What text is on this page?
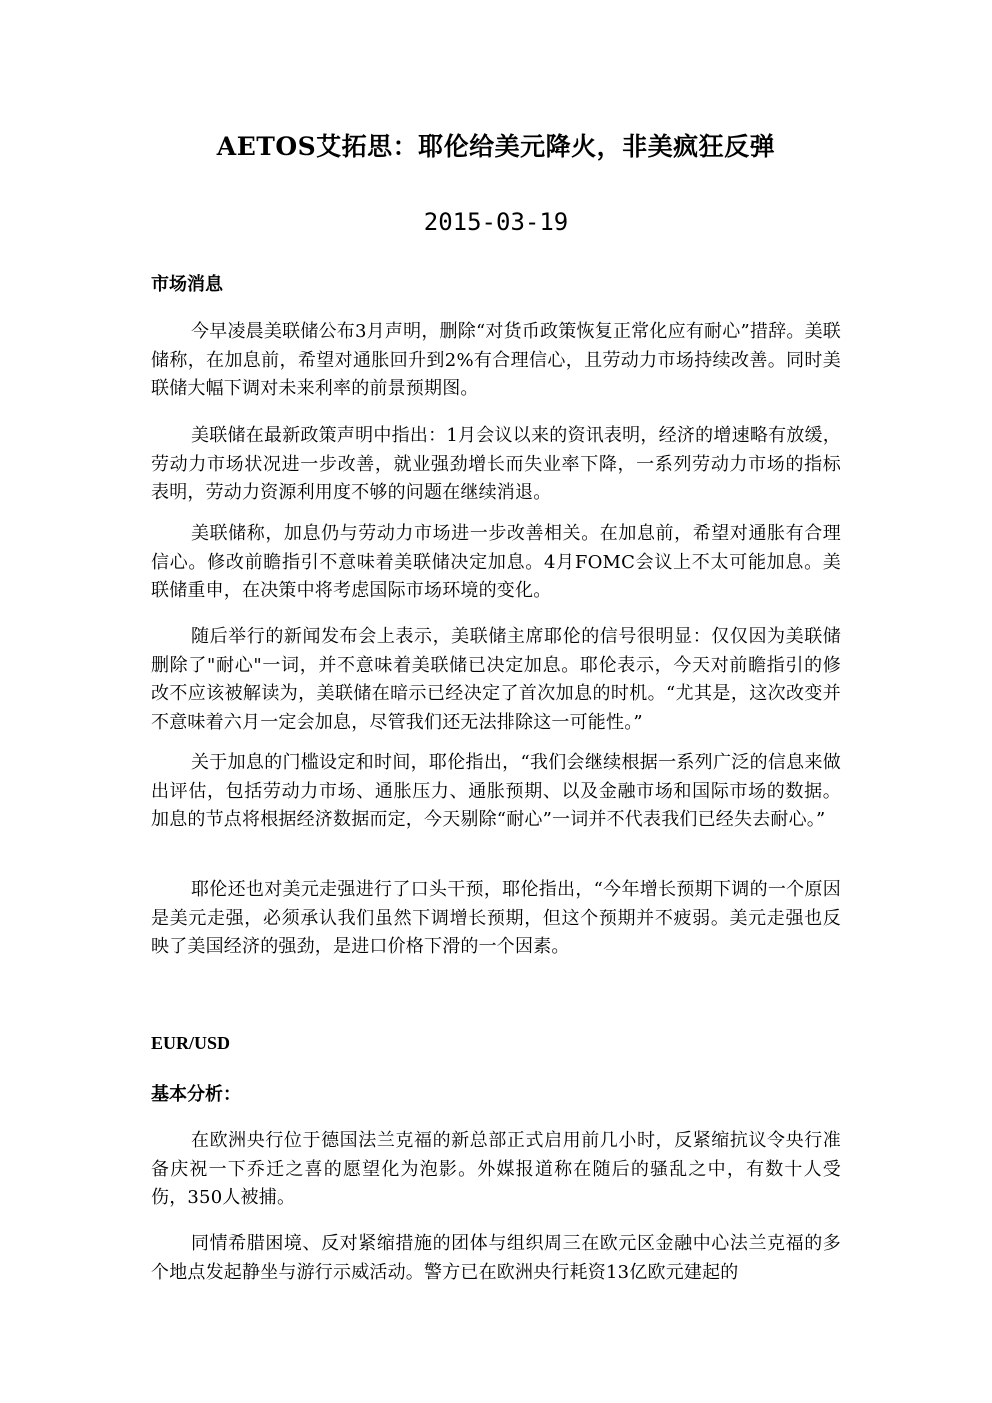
AETOS艾拓思：耶伦给美元降火，非美疯狂反弹
2015-03-19
市场消息

今早凌晨美联储公布3月声明，删除“对货币政策恢复正常化应有耐心”措辞。美联储称，在加息前，希望对通胀回升到2%有合理信心，且劳动力市场持续改善。同时美联储大幅下调对未来利率的前景预期图。

美联储在最新政策声明中指出：1月会议以来的资讯表明，经济的增速略有放缓，劳动力市场状况进一步改善，就业强劲增长而失业率下降，一系列劳动力市场的指标表明，劳动力资源利用度不够的问题在继续消退。

美联储称，加息仍与劳动力市场进一步改善相关。在加息前，希望对通胀有合理信心。修改前瞻指引不意味着美联储决定加息。4月FOMC会议上不太可能加息。美联储重申，在决策中将考虑国际市场环境的变化。

随后举行的新闻发布会上表示，美联储主席耶伦的信号很明显：仅仅因为美联储删除了"耐心"一词，并不意味着美联储已决定加息。耶伦表示，今天对前瞻指引的修改不应该被解读为，美联储在暗示已经决定了首次加息的时机。“尤其是，这次改变并不意味着六月一定会加息，尽管我们还无法排除这一可能性。”

关于加息的门槛设定和时间，耶伦指出，“我们会继续根据一系列广泛的信息来做出评估，包括劳动力市场、通胀压力、通胀预期、以及金融市场和国际市场的数据。加息的节点将根据经济数据而定，今天剔除“耐心”一词并不代表我们已经失去耐心。”

耶伦还也对美元走强进行了口头干预，耶伦指出，“今年增长预期下调的一个原因是美元走强，必须承认我们虽然下调增长预期，但这个预期并不疲弱。美元走强也反映了美国经济的强劲，是进口价格下滑的一个因素。

EUR/USD
基本分析：

在欧洲央行位于德国法兰克福的新总部正式启用前几小时，反紧缩抗议令央行准备庆祝一下乔迁之喜的愿望化为泡影。外媒报道称在随后的骚乱之中，有数十人受伤，350人被捕。

同情希腊困境、反对紧缩措施的团体与组织周三在欧元区金融中心法兰克福的多个地点发起静坐与游行示威活动。警方已在欧洲央行耗资13亿欧元建起的
